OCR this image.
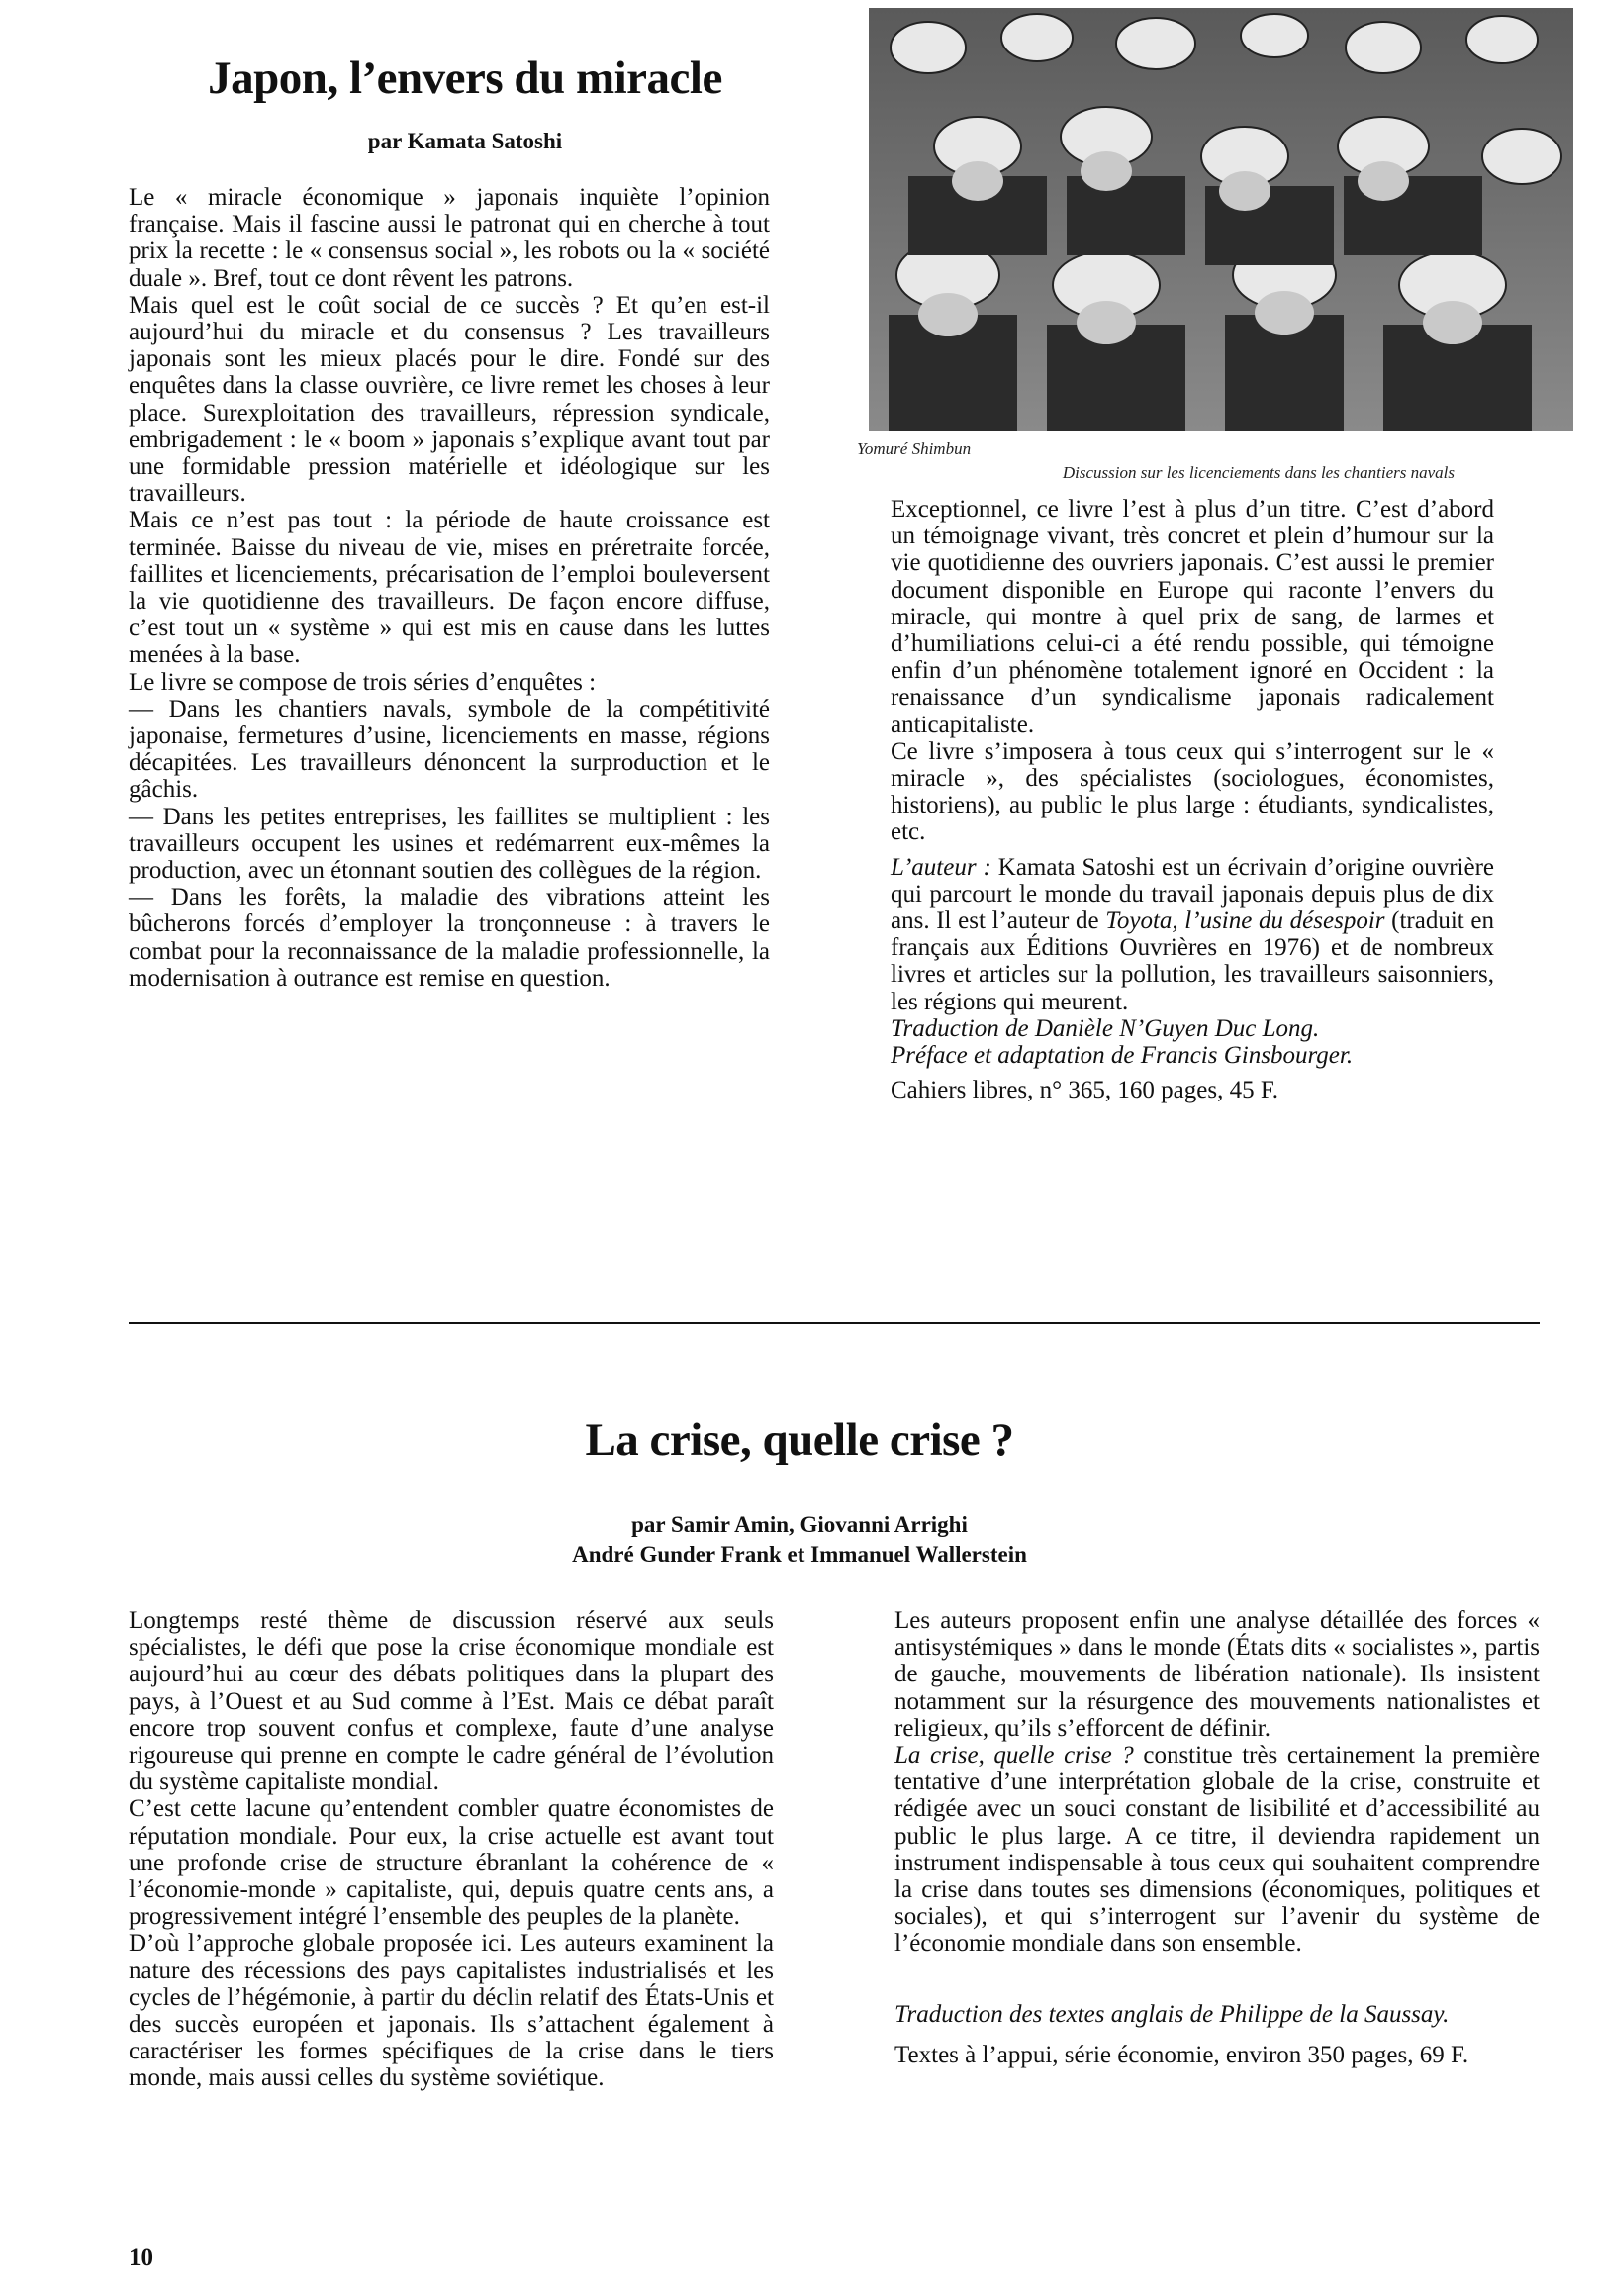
Japon, l’envers du miracle
par Kamata Satoshi

Le « miracle économique » japonais inquiète l’opinion française. Mais il fascine aussi le patronat qui en cherche à tout prix la recette : le « consensus social », les robots ou la « société duale ». Bref, tout ce dont rêvent les patrons.

Mais quel est le coût social de ce succès ? Et qu’en est-il aujourd’hui du miracle et du consensus ? Les travailleurs japonais sont les mieux placés pour le dire. Fondé sur des enquêtes dans la classe ouvrière, ce livre remet les choses à leur place. Surexploitation des travailleurs, répression syndicale, embrigadement : le « boom » japonais s’explique avant tout par une formidable pression matérielle et idéologique sur les travailleurs.

Mais ce n’est pas tout : la période de haute croissance est terminée. Baisse du niveau de vie, mises en préretraite forcée, faillites et licenciements, précarisation de l’emploi bouleversent la vie quotidienne des travailleurs. De façon encore diffuse, c’est tout un « système » qui est mis en cause dans les luttes menées à la base.

Le livre se compose de trois séries d’enquêtes :

— Dans les chantiers navals, symbole de la compétitivité japonaise, fermetures d’usine, licenciements en masse, régions décapitées. Les travailleurs dénoncent la surproduction et le gâchis.

— Dans les petites entreprises, les faillites se multiplient : les travailleurs occupent les usines et redémarrent eux-mêmes la production, avec un étonnant soutien des collègues de la région.

— Dans les forêts, la maladie des vibrations atteint les bûcherons forcés d’employer la tronçonneuse : à travers le combat pour la reconnaissance de la maladie professionnelle, la modernisation à outrance est remise en question.

Yomuré Shimbun
Discussion sur les licenciements dans les chantiers navals

Exceptionnel, ce livre l’est à plus d’un titre. C’est d’abord un témoignage vivant, très concret et plein d’humour sur la vie quotidienne des ouvriers japonais. C’est aussi le premier document disponible en Europe qui raconte l’envers du miracle, qui montre à quel prix de sang, de larmes et d’humiliations celui-ci a été rendu possible, qui témoigne enfin d’un phénomène totalement ignoré en Occident : la renaissance d’un syndicalisme japonais radicalement anticapitaliste.

Ce livre s’imposera à tous ceux qui s’interrogent sur le « miracle », des spécialistes (sociologues, économistes, historiens), au public le plus large : étudiants, syndicalistes, etc.

L’auteur : Kamata Satoshi est un écrivain d’origine ouvrière qui parcourt le monde du travail japonais depuis plus de dix ans. Il est l’auteur de Toyota, l’usine du désespoir (traduit en français aux Éditions Ouvrières en 1976) et de nombreux livres et articles sur la pollution, les travailleurs saisonniers, les régions qui meurent.

Traduction de Danièle N’Guyen Duc Long.

Préface et adaptation de Francis Ginsbourger.

Cahiers libres, n° 365, 160 pages, 45 F.

La crise, quelle crise ?
par Samir Amin, Giovanni Arrighi
André Gunder Frank et Immanuel Wallerstein

Longtemps resté thème de discussion réservé aux seuls spécialistes, le défi que pose la crise économique mondiale est aujourd’hui au cœur des débats politiques dans la plupart des pays, à l’Ouest et au Sud comme à l’Est. Mais ce débat paraît encore trop souvent confus et complexe, faute d’une analyse rigoureuse qui prenne en compte le cadre général de l’évolution du système capitaliste mondial.

C’est cette lacune qu’entendent combler quatre économistes de réputation mondiale. Pour eux, la crise actuelle est avant tout une profonde crise de structure ébranlant la cohérence de « l’économie-monde » capitaliste, qui, depuis quatre cents ans, a progressivement intégré l’ensemble des peuples de la planète.

D’où l’approche globale proposée ici. Les auteurs examinent la nature des récessions des pays capitalistes industrialisés et les cycles de l’hégémonie, à partir du déclin relatif des États-Unis et des succès européen et japonais. Ils s’attachent également à caractériser les formes spécifiques de la crise dans le tiers monde, mais aussi celles du système soviétique.

Les auteurs proposent enfin une analyse détaillée des forces « antisystémiques » dans le monde (États dits « socialistes », partis de gauche, mouvements de libération nationale). Ils insistent notamment sur la résurgence des mouvements nationalistes et religieux, qu’ils s’efforcent de définir.

La crise, quelle crise ? constitue très certainement la première tentative d’une interprétation globale de la crise, construite et rédigée avec un souci constant de lisibilité et d’accessibilité au public le plus large. A ce titre, il deviendra rapidement un instrument indispensable à tous ceux qui souhaitent comprendre la crise dans toutes ses dimensions (économiques, politiques et sociales), et qui s’interrogent sur l’avenir du système de l’économie mondiale dans son ensemble.

Traduction des textes anglais de Philippe de la Saussay.

Textes à l’appui, série économie, environ 350 pages, 69 F.

10
